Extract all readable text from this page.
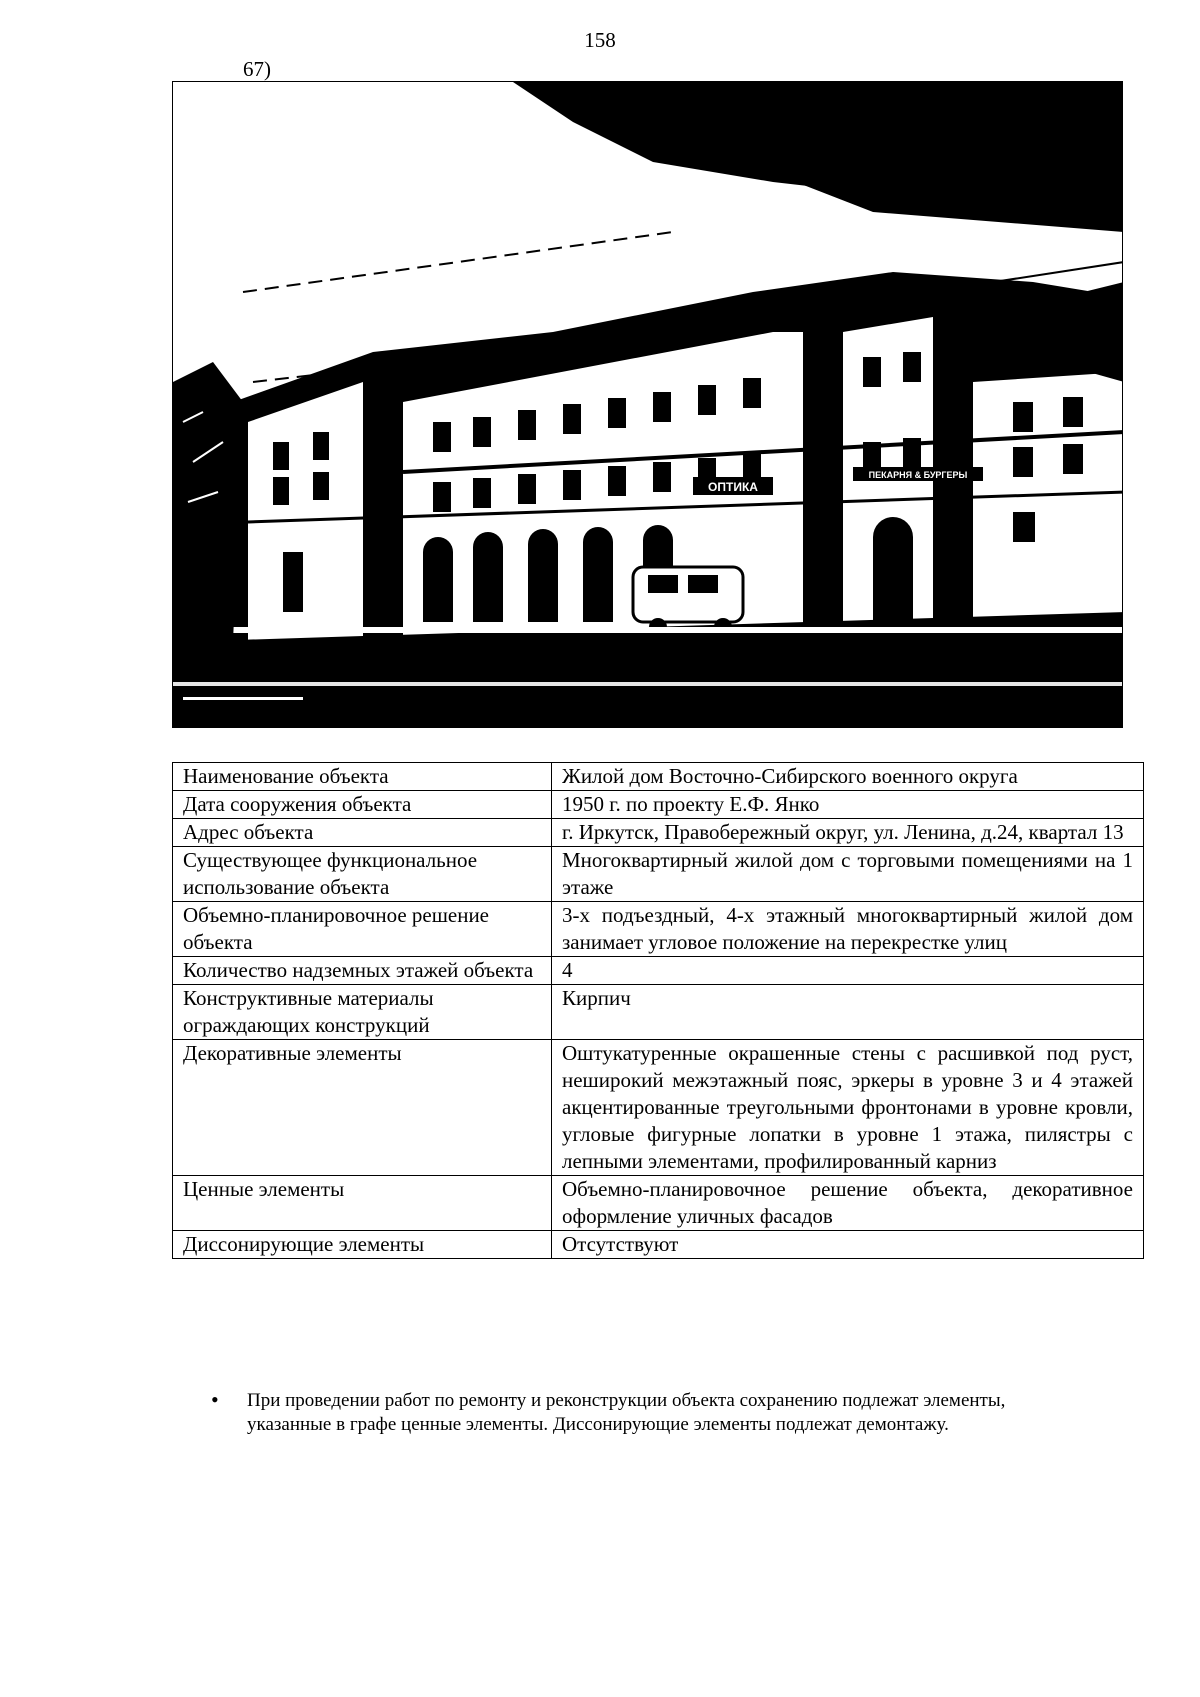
158
67)
ОПТИКА
ПЕКАРНЯ & БУРГЕРЫ
Наименование объекта	Жилой дом Восточно-Сибирского военного округа
Дата сооружения объекта	1950 г. по проекту Е.Ф. Янко
Адрес объекта	г. Иркутск, Правобережный округ, ул. Ленина, д.24, квартал 13
Существующее функциональное использование объекта	Многоквартирный жилой дом с торговыми помещениями на 1 этаже
Объемно-планировочное решение объекта	3-х подъездный, 4-х этажный многоквартирный жилой дом занимает угловое положение на перекрестке улиц
Количество надземных этажей объекта	4
Конструктивные материалы ограждающих конструкций	Кирпич
Декоративные элементы	Оштукатуренные окрашенные стены с расшивкой под руст, неширокий межэтажный пояс, эркеры в уровне 3 и 4 этажей акцентированные треугольными фронтонами в уровне кровли, угловые фигурные лопатки в уровне 1 этажа, пилястры с лепными элементами, профилированный карниз
Ценные элементы	Объемно-планировочное решение объекта, декоративное оформление уличных фасадов
Диссонирующие элементы	Отсутствуют
• При проведении работ по ремонту и реконструкции объекта сохранению подлежат элементы, указанные в графе ценные элементы. Диссонирующие элементы подлежат демонтажу.
